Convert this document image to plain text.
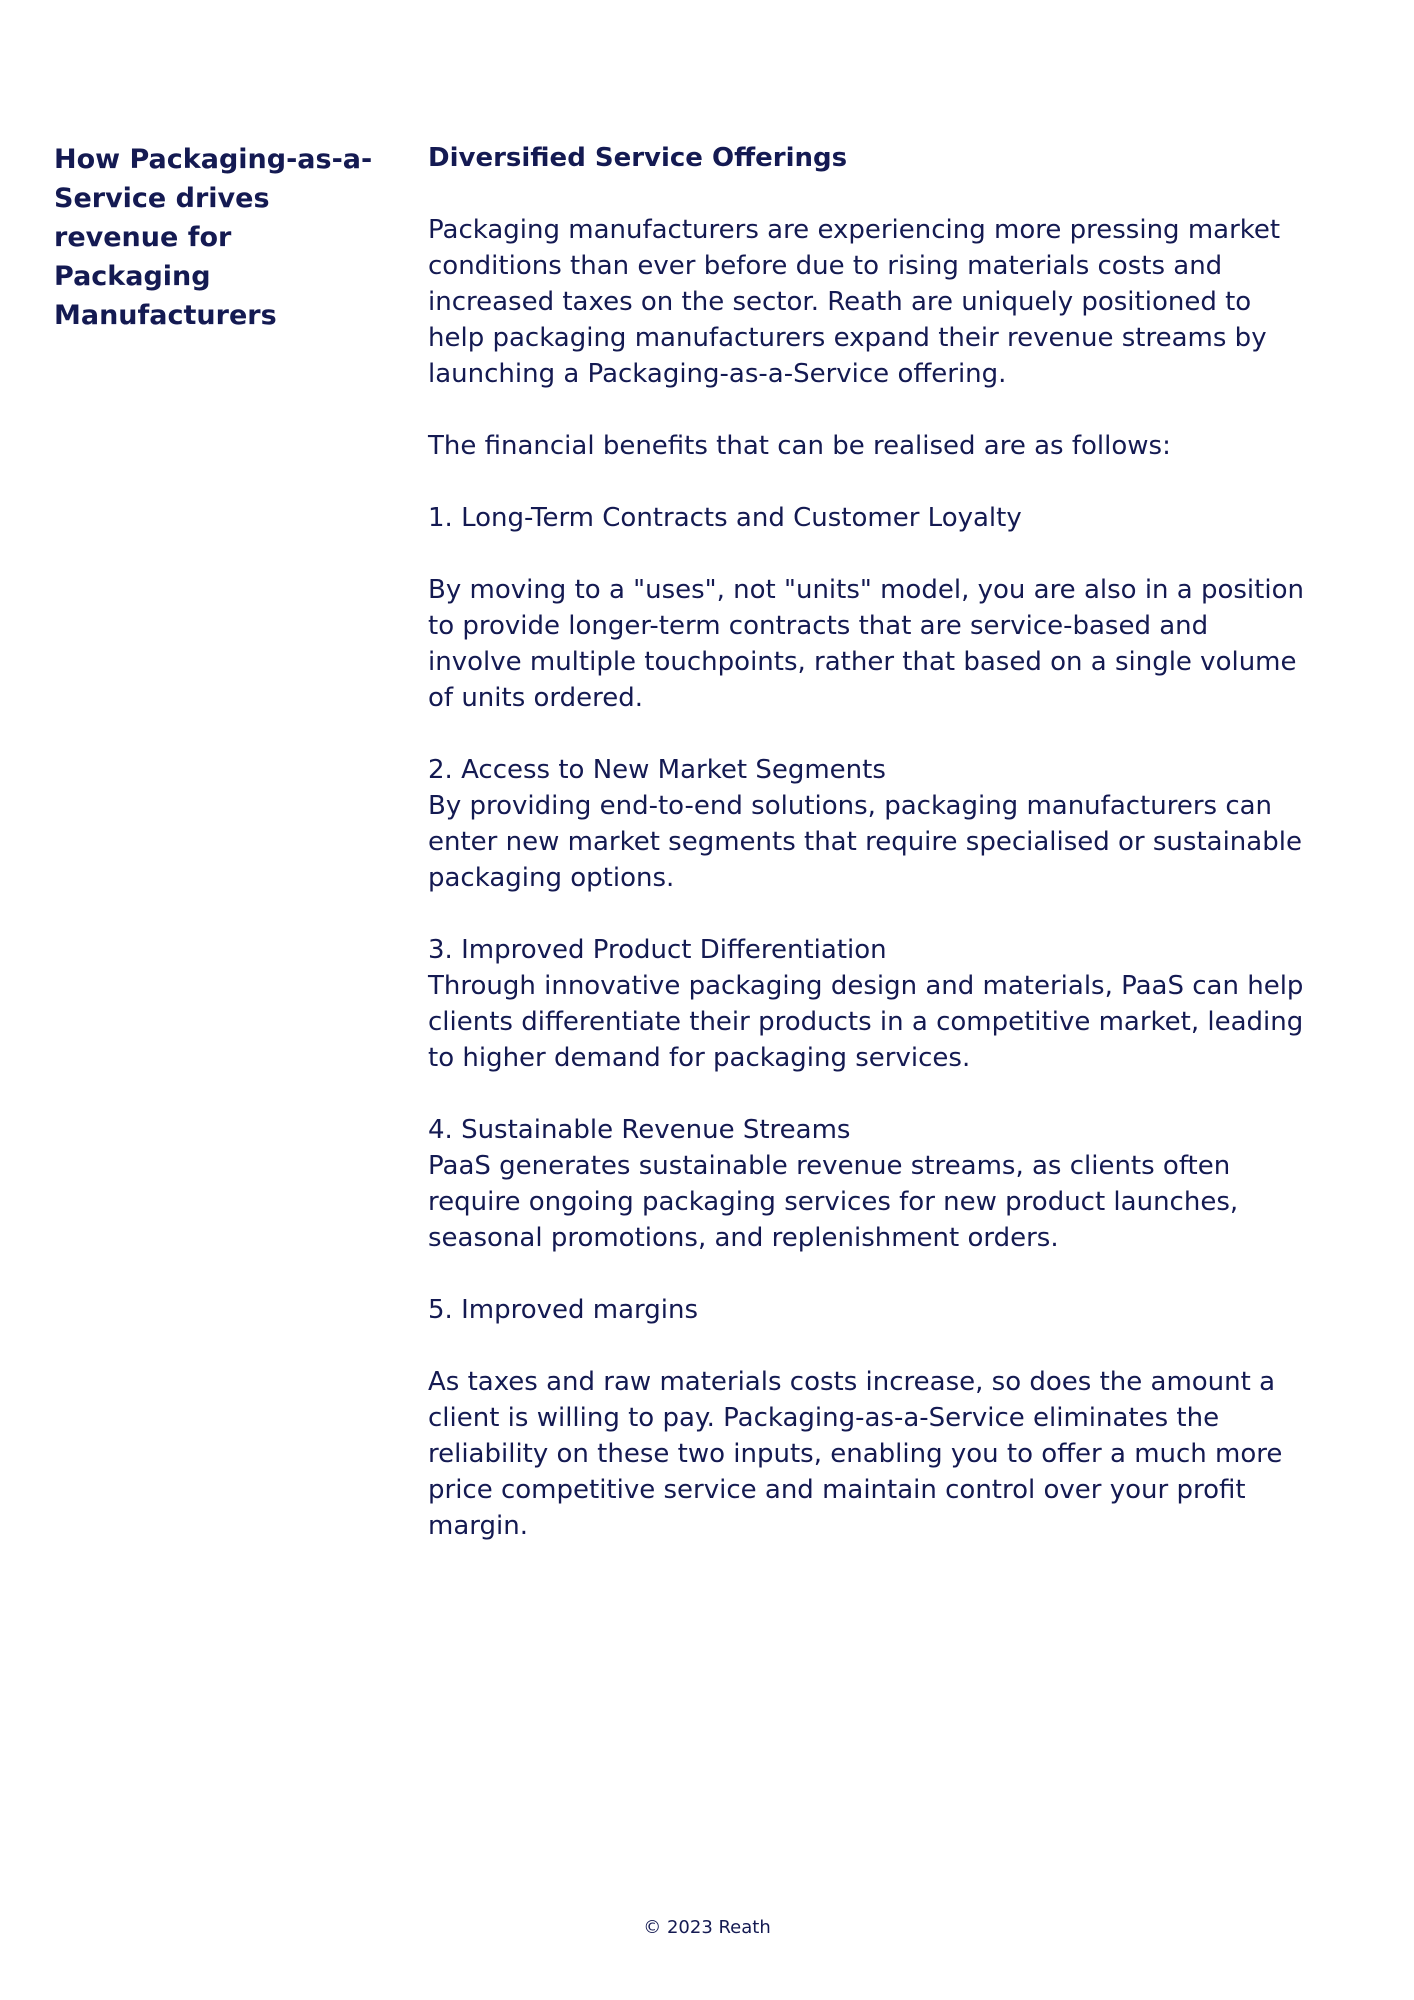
How Packaging-as-a-Service drives revenue for Packaging Manufacturers
Diversified Service Offerings

Packaging manufacturers are experiencing more pressing market conditions than ever before due to rising materials costs and increased taxes on the sector. Reath are uniquely positioned to help packaging manufacturers expand their revenue streams by launching a Packaging-as-a-Service offering.

The financial benefits that can be realised are as follows:

1. Long-Term Contracts and Customer Loyalty

By moving to a "uses", not "units" model, you are also in a position to provide longer-term contracts that are service-based and involve multiple touchpoints, rather that based on a single volume of units ordered.

2. Access to New Market Segments

By providing end-to-end solutions, packaging manufacturers can enter new market segments that require specialised or sustainable packaging options.

3. Improved Product Differentiation

Through innovative packaging design and materials, PaaS can help clients differentiate their products in a competitive market, leading to higher demand for packaging services.

4. Sustainable Revenue Streams

PaaS generates sustainable revenue streams, as clients often require ongoing packaging services for new product launches, seasonal promotions, and replenishment orders.

5. Improved margins

As taxes and raw materials costs increase, so does the amount a client is willing to pay. Packaging-as-a-Service eliminates the reliability on these two inputs, enabling you to offer a much more price competitive service and maintain control over your profit margin.

© 2023 Reath
